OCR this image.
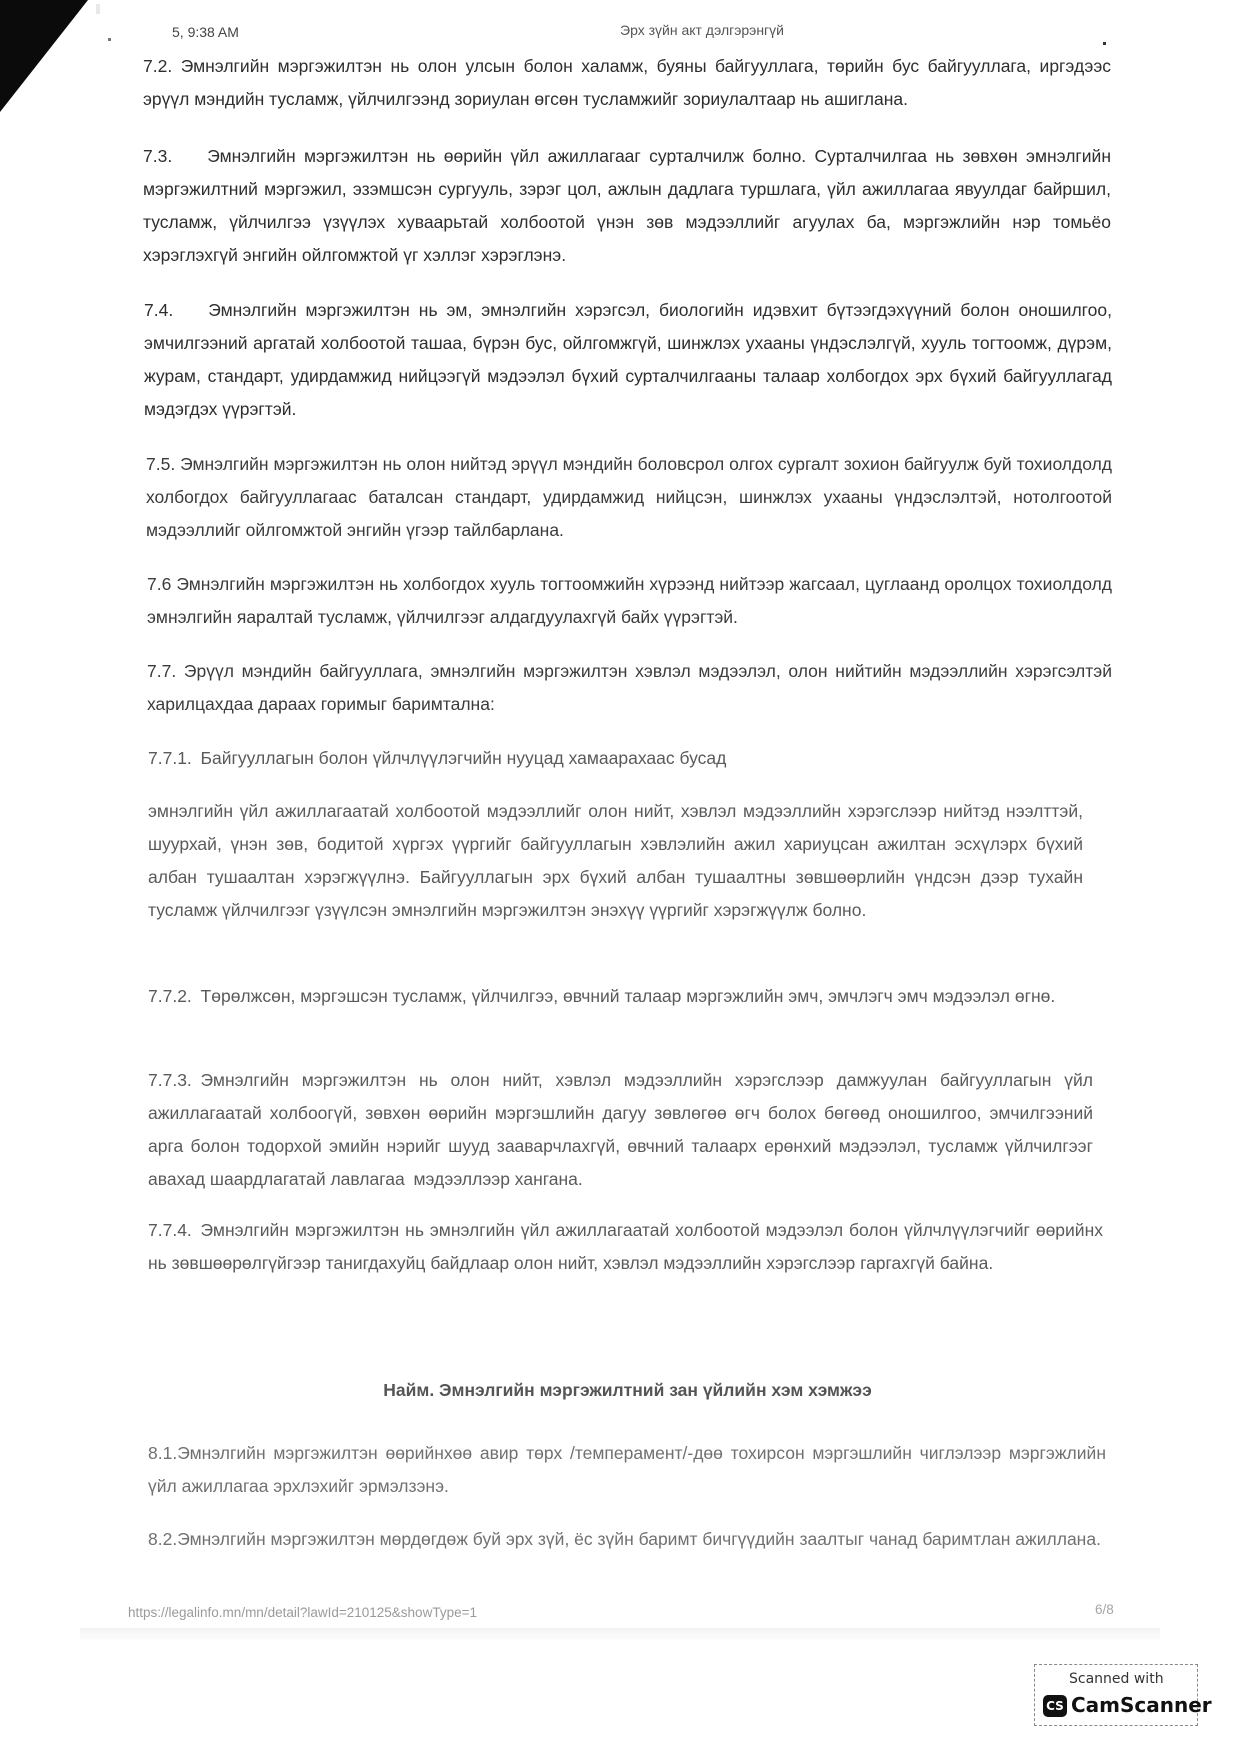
5, 9:38 AM	Эрх зүйн акт дэлгэрэнгүй

7.2. Эмнэлгийн мэргэжилтэн нь олон улсын болон халамж, буяны байгууллага, төрийн бус байгууллага, иргэдээс эрүүл мэндийн тусламж, үйлчилгээнд зориулан өгсөн тусламжийг зориулалтаар нь ашиглана.

7.3.  Эмнэлгийн мэргэжилтэн нь өөрийн үйл ажиллагааг сурталчилж болно. Сурталчилгаа нь зөвхөн эмнэлгийн мэргэжилтний мэргэжил, эзэмшсэн сургууль, зэрэг цол, ажлын дадлага туршлага, үйл ажиллагаа явуулдаг байршил, тусламж, үйлчилгээ үзүүлэх хуваарьтай холбоотой үнэн зөв мэдээллийг агуулах ба, мэргэжлийн нэр томьёо хэрэглэхгүй энгийн ойлгомжтой үг хэллэг хэрэглэнэ.

7.4.  Эмнэлгийн мэргэжилтэн нь эм, эмнэлгийн хэрэгсэл, биологийн идэвхит бүтээгдэхүүний болон оношилгоо, эмчилгээний аргатай холбоотой ташаа, бүрэн бус, ойлгомжгүй, шинжлэх ухааны үндэслэлгүй, хууль тогтоомж, дүрэм, журам, стандарт, удирдамжид нийцээгүй мэдээлэл бүхий сурталчилгааны талаар холбогдох эрх бүхий байгууллагад мэдэгдэх үүрэгтэй.

7.5. Эмнэлгийн мэргэжилтэн нь олон нийтэд эрүүл мэндийн боловсрол олгох сургалт зохион байгуулж буй тохиолдолд холбогдох байгууллагаас баталсан стандарт, удирдамжид нийцсэн, шинжлэх ухааны үндэслэлтэй, нотолгоотой мэдээллийг ойлгомжтой энгийн үгээр тайлбарлана.

7.6 Эмнэлгийн мэргэжилтэн нь холбогдох хууль тогтоомжийн хүрээнд нийтээр жагсаал, цуглаанд оролцох тохиолдолд эмнэлгийн яаралтай тусламж, үйлчилгээг алдагдуулахгүй байх үүрэгтэй.

7.7. Эрүүл мэндийн байгууллага, эмнэлгийн мэргэжилтэн хэвлэл мэдээлэл, олон нийтийн мэдээллийн хэрэгсэлтэй харилцахдаа дараах горимыг баримтална:

7.7.1. Байгууллагын болон үйлчлүүлэгчийн нууцад хамаарахаас бусад

эмнэлгийн үйл ажиллагаатай холбоотой мэдээллийг олон нийт, хэвлэл мэдээллийн хэрэгслээр нийтэд нээлттэй, шуурхай, үнэн зөв, бодитой хүргэх үүргийг байгууллагын хэвлэлийн ажил хариуцсан ажилтан эсхүлэрх бүхий албан тушаалтан хэрэгжүүлнэ. Байгууллагын эрх бүхий албан тушаалтны зөвшөөрлийн үндсэн дээр тухайн тусламж үйлчилгээг үзүүлсэн эмнэлгийн мэргэжилтэн энэхүү үүргийг хэрэгжүүлж болно.

7.7.2. Төрөлжсөн, мэргэшсэн тусламж, үйлчилгээ, өвчний талаар мэргэжлийн эмч, эмчлэгч эмч мэдээлэл өгнө.

7.7.3. Эмнэлгийн мэргэжилтэн нь олон нийт, хэвлэл мэдээллийн хэрэгслээр дамжуулан байгууллагын үйл ажиллагаатай холбоогүй, зөвхөн өөрийн мэргэшлийн дагуу зөвлөгөө өгч болох бөгөөд оношилгоо, эмчилгээний арга болон тодорхой эмийн нэрийг шууд зааварчлахгүй, өвчний талаарх ерөнхий мэдээлэл, тусламж үйлчилгээг авахад шаардлагатай лавлагаа мэдээллээр хангана.

7.7.4. Эмнэлгийн мэргэжилтэн нь эмнэлгийн үйл ажиллагаатай холбоотой мэдээлэл болон үйлчлүүлэгчийг өөрийнх нь зөвшөөрөлгүйгээр танигдахуйц байдлаар олон нийт, хэвлэл мэдээллийн хэрэгслээр гаргахгүй байна.

Найм. Эмнэлгийн мэргэжилтний зан үйлийн хэм хэмжээ

8.1.Эмнэлгийн мэргэжилтэн өөрийнхөө авир төрх /темперамент/-дөө тохирсон мэргэшлийн чиглэлээр мэргэжлийн үйл ажиллагаа эрхлэхийг эрмэлзэнэ.

8.2.Эмнэлгийн мэргэжилтэн мөрдөгдөж буй эрх зүй, ёс зүйн баримт бичгүүдийн заалтыг чанад баримтлан ажиллана.

https://legalinfo.mn/mn/detail?lawId=210125&showType=1	6/8
Scanned with
CS CamScanner
